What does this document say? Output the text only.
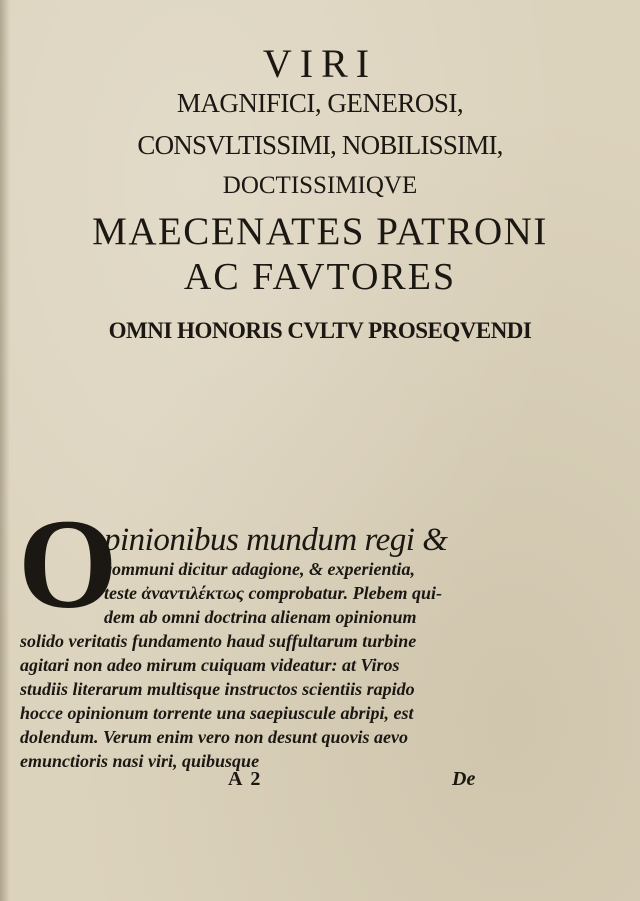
VIRI
MAGNIFICI, GENEROSI,
CONSVLTISSIMI, NOBILISSIMI,
DOCTISSIMIQVE
MAECENATES PATRONI
AC FAVTORES
OMNI HONORIS CVLTV PROSEQVENDI
O
pinionibus mundum regi &
communi dicitur adagione, & experientia,
teste ἀναντιλέκτως comprobatur. Plebem qui-
dem ab omni doctrina alienam opinionum
solido veritatis fundamento haud suffultarum turbine
agitari non adeo mirum cuiquam videatur: at Viros
studiis literarum multisque instructos scientiis rapido
hocce opinionum torrente una saepiuscule abripi, est
dolendum. Verum enim vero non desunt quovis aevo
emunctioris nasi viri, quibusque
A 2	De
